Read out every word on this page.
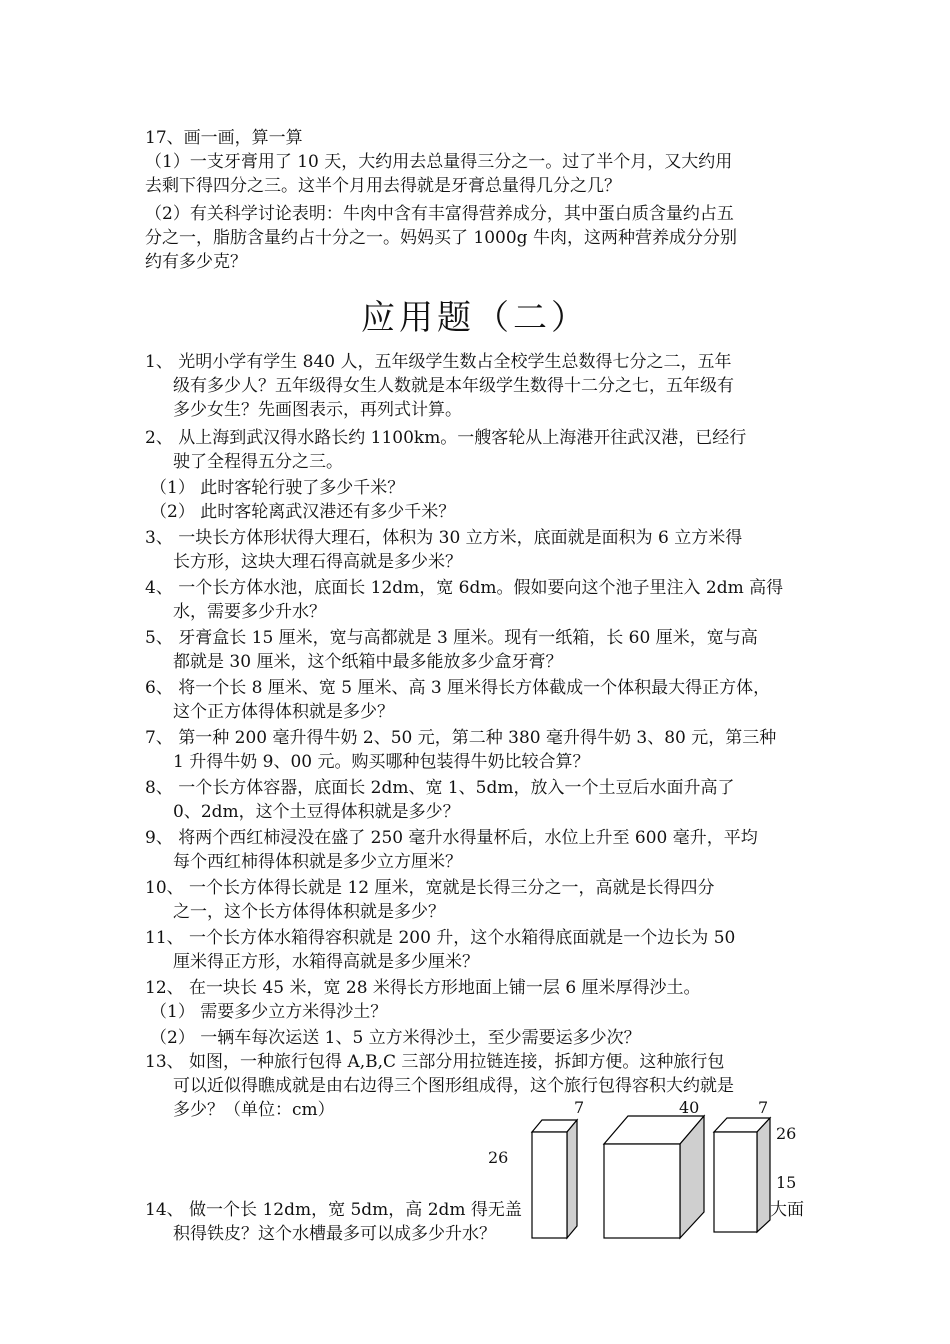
17、画一画，算一算
（1）一支牙膏用了 10 天，大约用去总量得三分之一。过了半个月，又大约用
去剩下得四分之三。这半个月用去得就是牙膏总量得几分之几？
（2）有关科学讨论表明：牛肉中含有丰富得营养成分，其中蛋白质含量约占五
分之一，脂肪含量约占十分之一。妈妈买了 1000g 牛肉，这两种营养成分分别
约有多少克？
应用题（二）
1、 光明小学有学生 840 人，五年级学生数占全校学生总数得七分之二，五年
级有多少人？五年级得女生人数就是本年级学生数得十二分之七，五年级有
多少女生？先画图表示，再列式计算。
2、 从上海到武汉得水路长约 1100km。一艘客轮从上海港开往武汉港，已经行
驶了全程得五分之三。
（1） 此时客轮行驶了多少千米？
（2） 此时客轮离武汉港还有多少千米？
3、 一块长方体形状得大理石，体积为 30 立方米，底面就是面积为 6 立方米得
长方形，这块大理石得高就是多少米？
4、 一个长方体水池，底面长 12dm，宽 6dm。假如要向这个池子里注入 2dm 高得
水，需要多少升水？
5、 牙膏盒长 15 厘米，宽与高都就是 3 厘米。现有一纸箱，长 60 厘米，宽与高
都就是 30 厘米，这个纸箱中最多能放多少盒牙膏？
6、 将一个长 8 厘米、宽 5 厘米、高 3 厘米得长方体截成一个体积最大得正方体，
这个正方体得体积就是多少？
7、 第一种 200 毫升得牛奶 2、50 元，第二种 380 毫升得牛奶 3、80 元，第三种
1 升得牛奶 9、00 元。购买哪种包装得牛奶比较合算？
8、 一个长方体容器，底面长 2dm、宽 1、5dm，放入一个土豆后水面升高了
0、2dm，这个土豆得体积就是多少？
9、 将两个西红柿浸没在盛了 250 毫升水得量杯后，水位上升至 600 毫升，平均
每个西红柿得体积就是多少立方厘米？
10、 一个长方体得长就是 12 厘米，宽就是长得三分之一，高就是长得四分
之一，这个长方体得体积就是多少？
11、 一个长方体水箱得容积就是 200 升，这个水箱得底面就是一个边长为 50
厘米得正方形，水箱得高就是多少厘米？
12、 在一块长 45 米，宽 28 米得长方形地面上铺一层 6 厘米厚得沙土。
（1） 需要多少立方米得沙土？
（2） 一辆车每次运送 1、5 立方米得沙土，至少需要运多少次？
13、 如图，一种旅行包得 A,B,C 三部分用拉链连接，拆卸方便。这种旅行包
可以近似得瞧成就是由右边得三个图形组成得，这个旅行包得容积大约就是
多少？（单位：cm）
14、 做一个长 12dm，宽 5dm，高 2dm 得无盖
积得铁皮？这个水槽最多可以成多少升水？
大面
7	40	7
26
26
15
